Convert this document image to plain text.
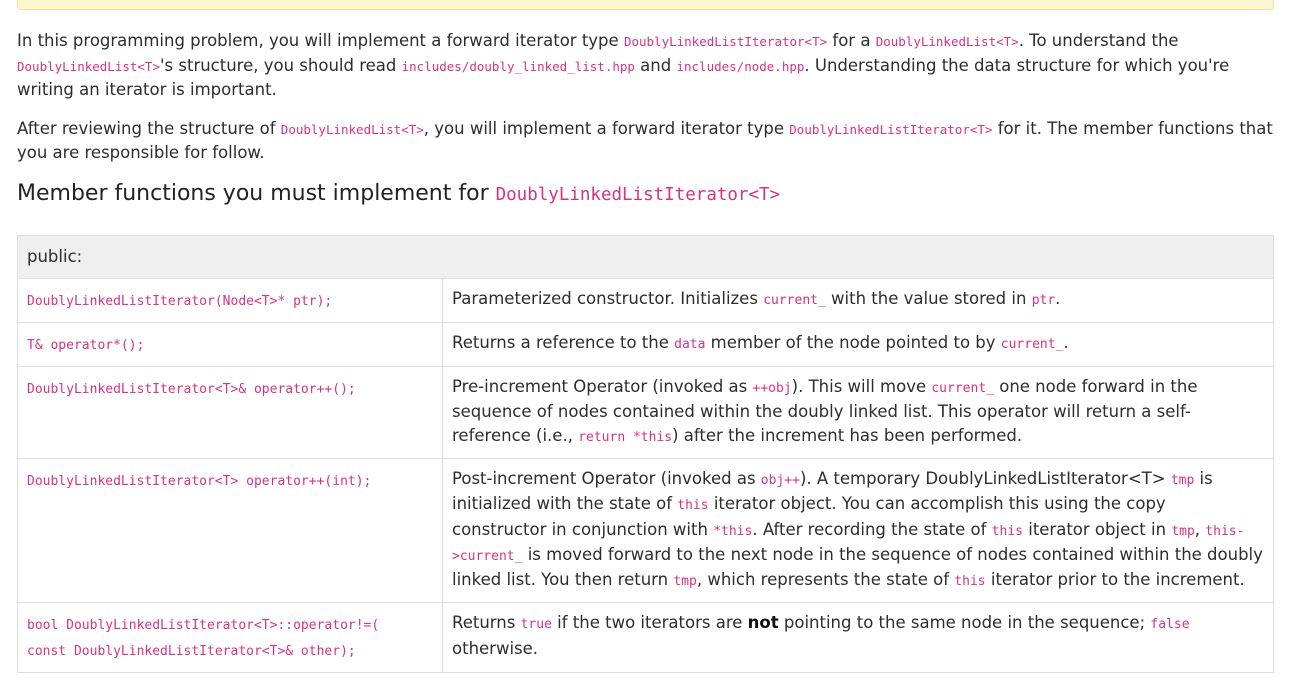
In this programming problem, you will implement a forward iterator type DoublyLinkedListIterator<T> for a DoublyLinkedList<T>. To understand the DoublyLinkedList<T>'s structure, you should read includes/doubly_linked_list.hpp and includes/node.hpp. Understanding the data structure for which you're writing an iterator is important.

After reviewing the structure of DoublyLinkedList<T>, you will implement a forward iterator type DoublyLinkedListIterator<T> for it. The member functions that you are responsible for follow.

Member functions you must implement for DoublyLinkedListIterator<T>
public:	
DoublyLinkedListIterator(Node<T>* ptr);	Parameterized constructor. Initializes current_ with the value stored in ptr.
T& operator*();	Returns a reference to the data member of the node pointed to by current_.
DoublyLinkedListIterator<T>& operator++();	Pre-increment Operator (invoked as ++obj). This will move current_ one node forward in the sequence of nodes contained within the doubly linked list. This operator will return a self-reference (i.e., return *this) after the increment has been performed.
DoublyLinkedListIterator<T> operator++(int);	Post-increment Operator (invoked as obj++). A temporary DoublyLinkedListIterator<T> tmp is initialized with the state of this iterator object. You can accomplish this using the copy constructor in conjunction with *this. After recording the state of this iterator object in tmp, this->current_ is moved forward to the next node in the sequence of nodes contained within the doubly linked list. You then return tmp, which represents the state of this iterator prior to the increment.
bool DoublyLinkedListIterator<T>::operator!=(
const DoublyLinkedListIterator<T>& other);	Returns true if the two iterators are not pointing to the same node in the sequence; false otherwise.
